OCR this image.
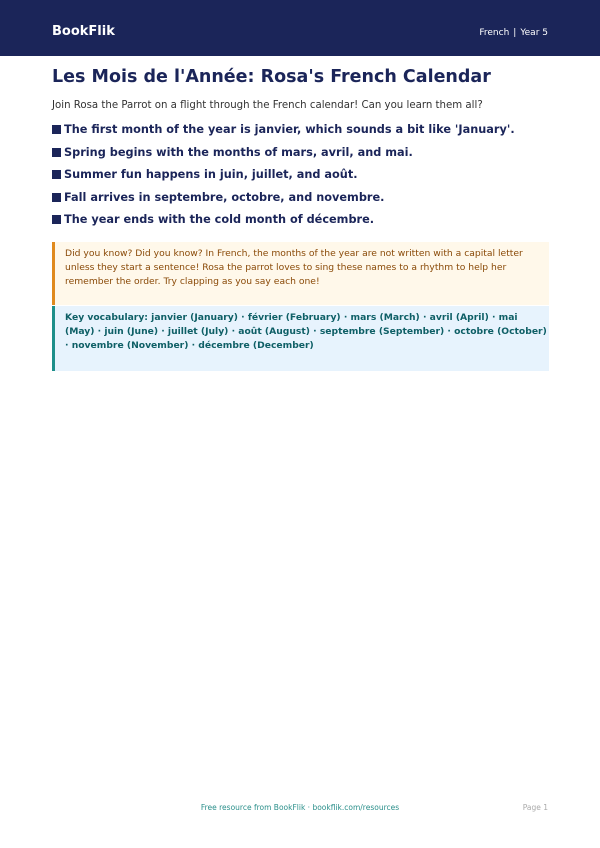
BookFlik	French | Year 5
Les Mois de l'Année: Rosa's French Calendar
Join Rosa the Parrot on a flight through the French calendar! Can you learn them all?
The first month of the year is janvier, which sounds a bit like 'January'.
Spring begins with the months of mars, avril, and mai.
Summer fun happens in juin, juillet, and août.
Fall arrives in septembre, octobre, and novembre.
The year ends with the cold month of décembre.
Did you know? Did you know? In French, the months of the year are not written with a capital letter unless they start a sentence! Rosa the parrot loves to sing these names to a rhythm to help her remember the order. Try clapping as you say each one!
Key vocabulary: janvier (January) · février (February) · mars (March) · avril (April) · mai (May) · juin (June) · juillet (July) · août (August) · septembre (September) · octobre (October) · novembre (November) · décembre (December)
Free resource from BookFlik · bookflik.com/resources	Page 1
